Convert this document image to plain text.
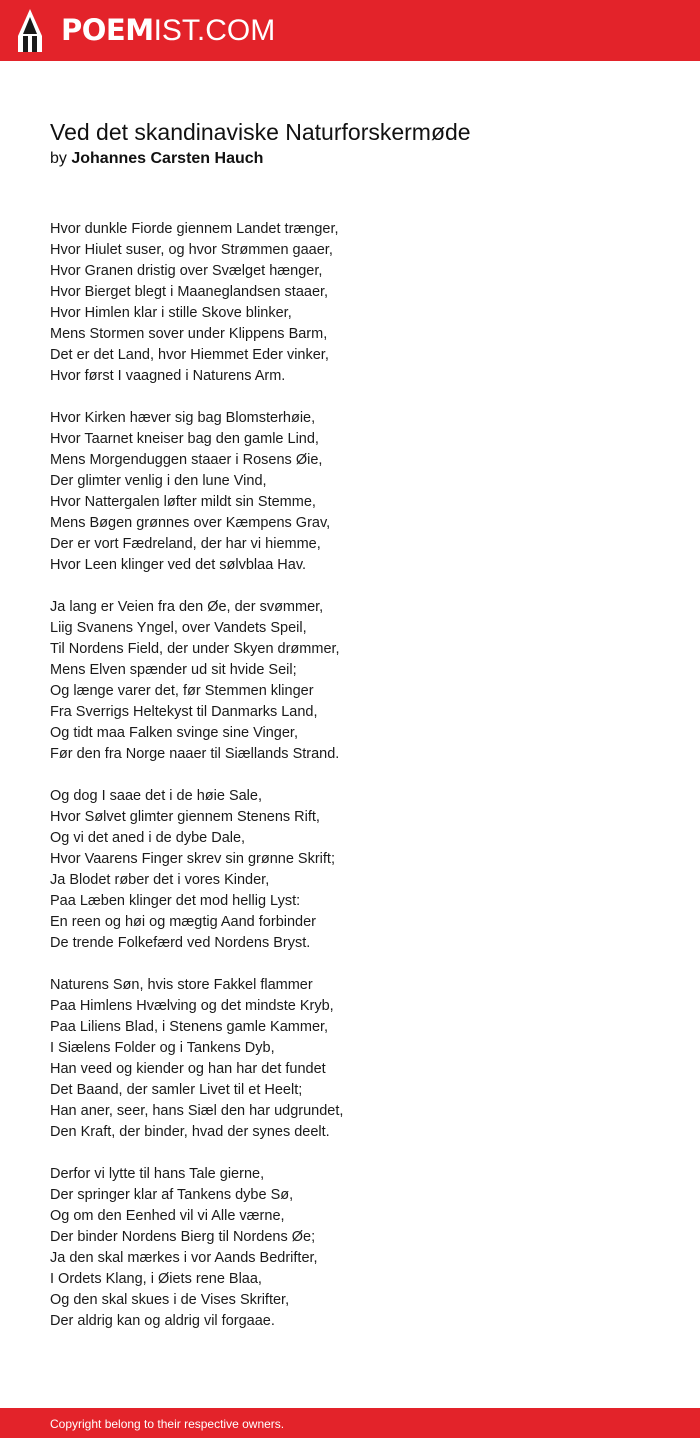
POEMIST.COM
Ved det skandinaviske Naturforskermøde
by Johannes Carsten Hauch
Hvor dunkle Fiorde giennem Landet trænger,
Hvor Hiulet suser, og hvor Strømmen gaaer,
Hvor Granen dristig over Svælget hænger,
Hvor Bierget blegt i Maaneglandsen staaer,
Hvor Himlen klar i stille Skove blinker,
Mens Stormen sover under Klippens Barm,
Det er det Land, hvor Hiemmet Eder vinker,
Hvor først I vaagned i Naturens Arm.
Hvor Kirken hæver sig bag Blomsterhøie,
Hvor Taarnet kneiser bag den gamle Lind,
Mens Morgenduggen staaer i Rosens Øie,
Der glimter venlig i den lune Vind,
Hvor Nattergalen løfter mildt sin Stemme,
Mens Bøgen grønnes over Kæmpens Grav,
Der er vort Fædreland, der har vi hiemme,
Hvor Leen klinger ved det sølvblaa Hav.
Ja lang er Veien fra den Øe, der svømmer,
Liig Svanens Yngel, over Vandets Speil,
Til Nordens Field, der under Skyen drømmer,
Mens Elven spænder ud sit hvide Seil;
Og længe varer det, før Stemmen klinger
Fra Sverrigs Heltekyst til Danmarks Land,
Og tidt maa Falken svinge sine Vinger,
Før den fra Norge naaer til Siællands Strand.
Og dog I saae det i de høie Sale,
Hvor Sølvet glimter giennem Stenens Rift,
Og vi det aned i de dybe Dale,
Hvor Vaarens Finger skrev sin grønne Skrift;
Ja Blodet røber det i vores Kinder,
Paa Læben klinger det mod hellig Lyst:
En reen og høi og mægtig Aand forbinder
De trende Folkefærd ved Nordens Bryst.
Naturens Søn, hvis store Fakkel flammer
Paa Himlens Hvælving og det mindste Kryb,
Paa Liliens Blad, i Stenens gamle Kammer,
I Siælens Folder og i Tankens Dyb,
Han veed og kiender og han har det fundet
Det Baand, der samler Livet til et Heelt;
Han aner, seer, hans Siæl den har udgrundet,
Den Kraft, der binder, hvad der synes deelt.
Derfor vi lytte til hans Tale gierne,
Der springer klar af Tankens dybe Sø,
Og om den Eenhed vil vi Alle værne,
Der binder Nordens Bierg til Nordens Øe;
Ja den skal mærkes i vor Aands Bedrifter,
I Ordets Klang, i Øiets rene Blaa,
Og den skal skues i de Vises Skrifter,
Der aldrig kan og aldrig vil forgaae.
Copyright belong to their respective owners.
